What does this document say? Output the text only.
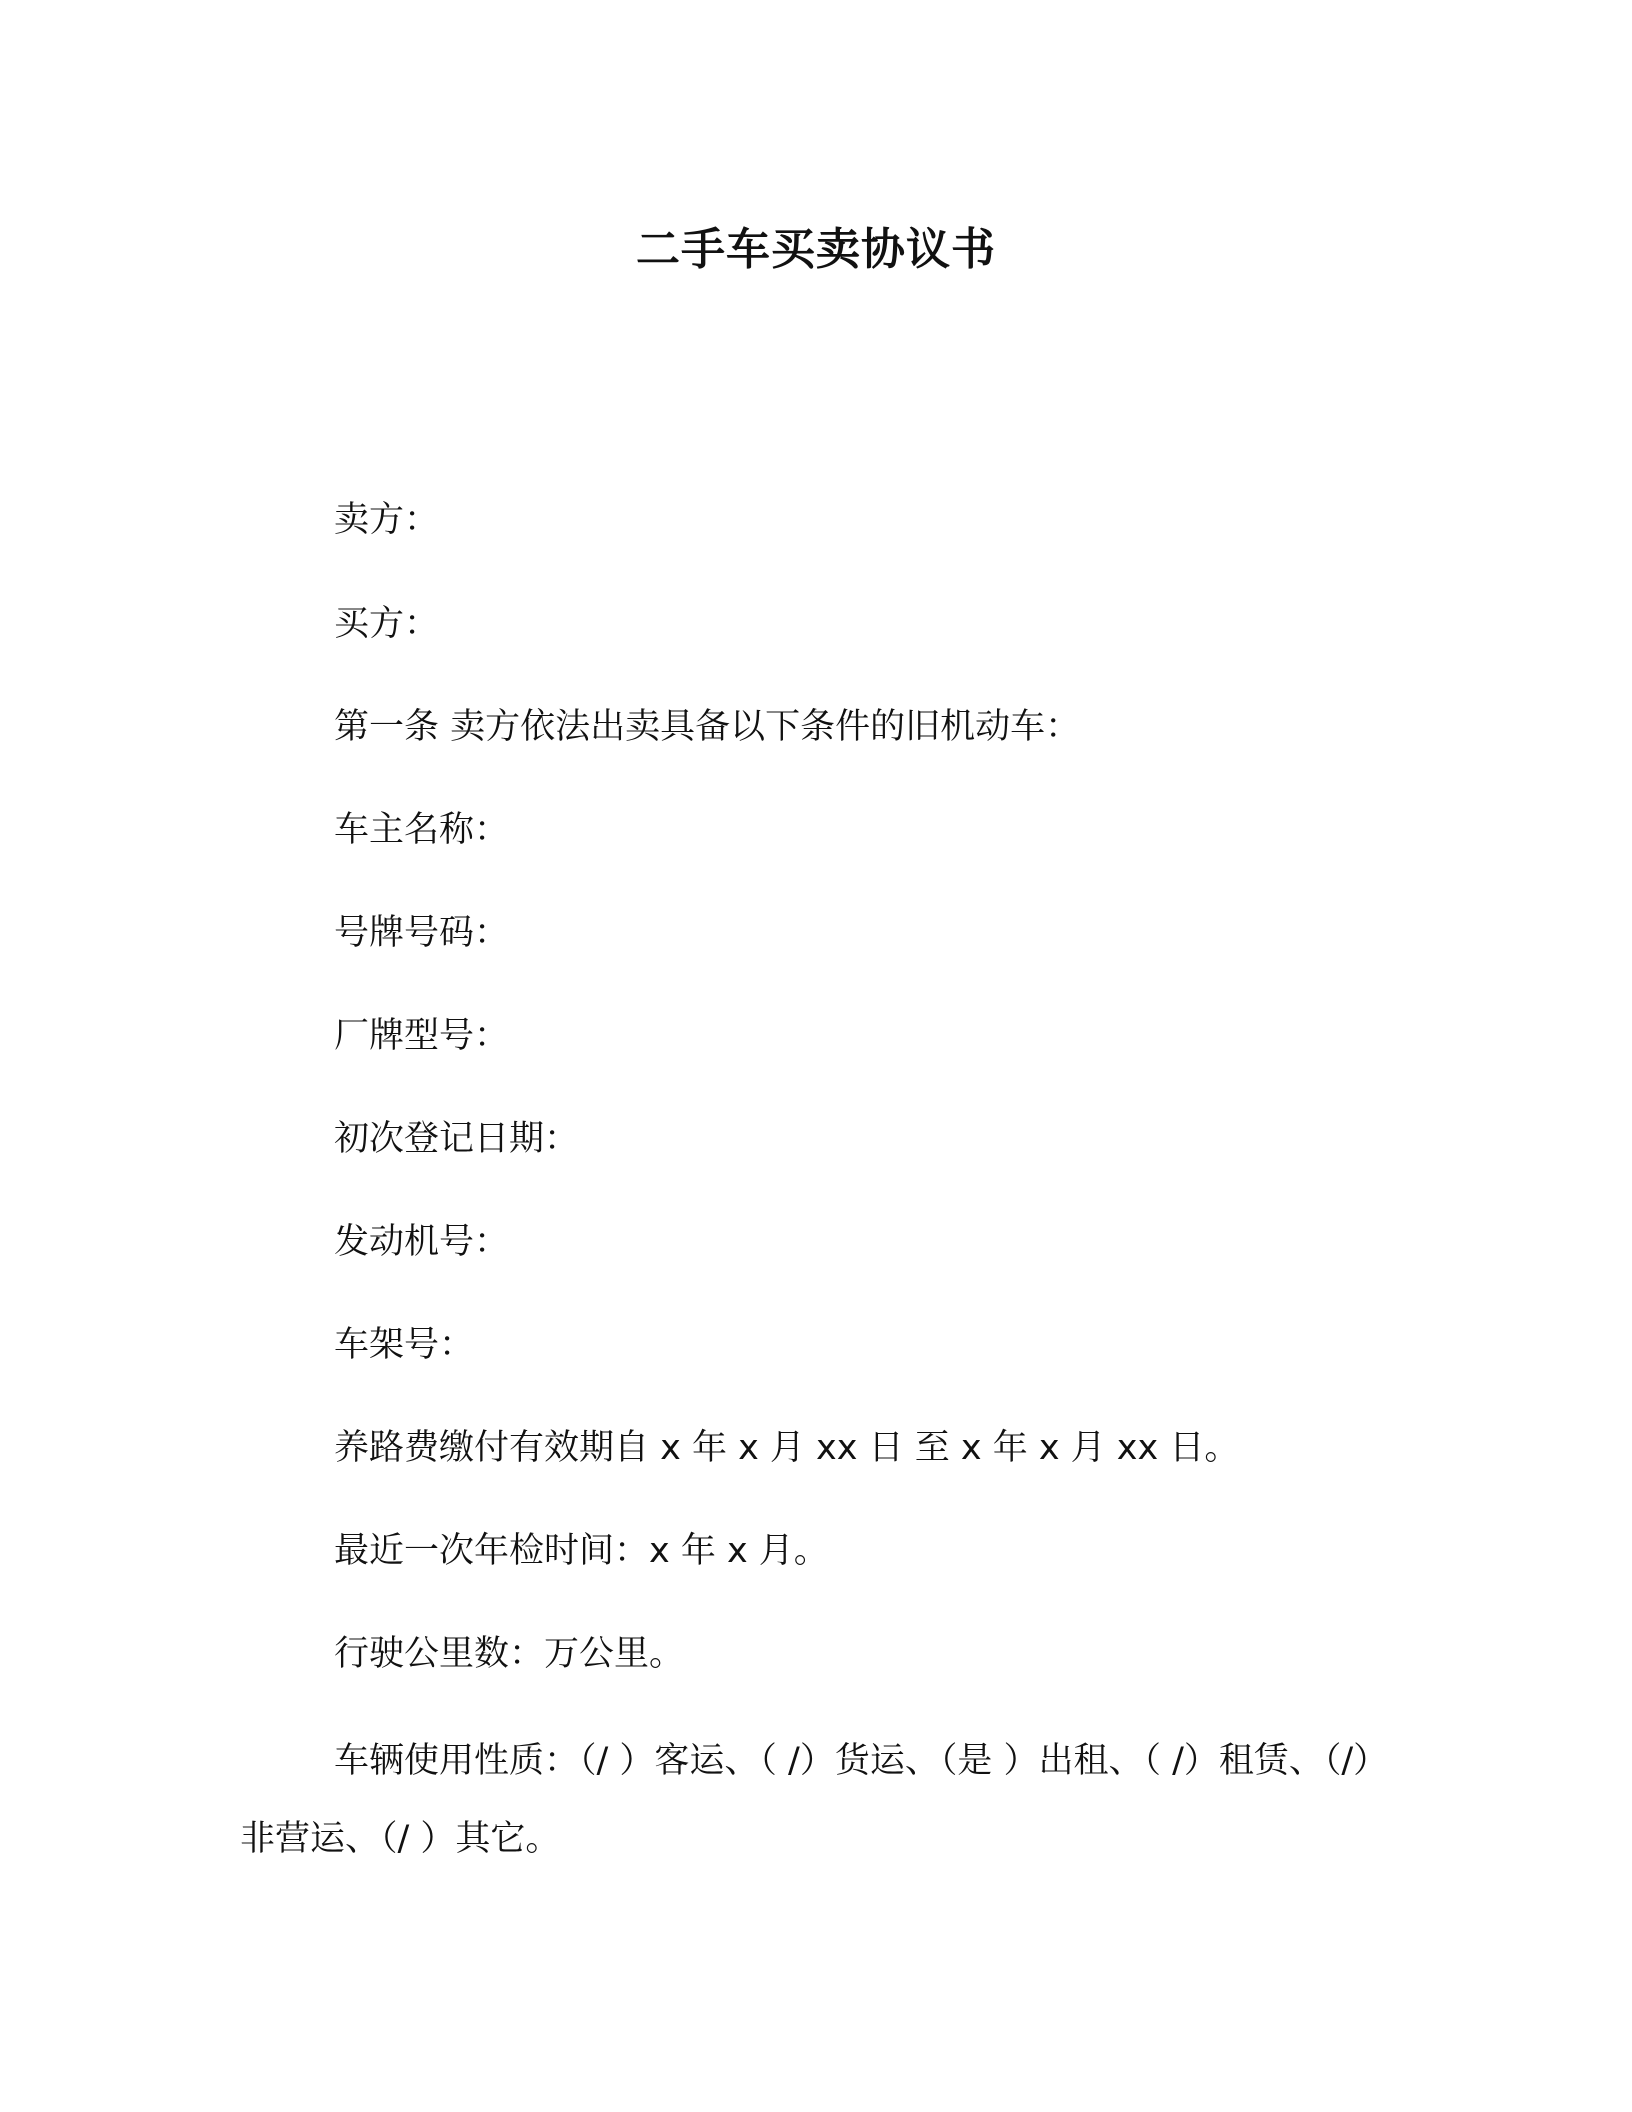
二手车买卖协议书
卖方：
买方：
第一条 卖方依法出卖具备以下条件的旧机动车：
车主名称：
号牌号码：
厂牌型号：
初次登记日期：
发动机号：
车架号：
养路费缴付有效期自 x 年 x 月 xx 日 至 x 年 x 月 xx 日。
最近一次年检时间：x 年 x 月。
行驶公里数：万公里。
车辆使用性质：（/ ）客运、（ /）货运、（是 ）出租、（ /）租赁、（/）非营运、（/ ）其它。
